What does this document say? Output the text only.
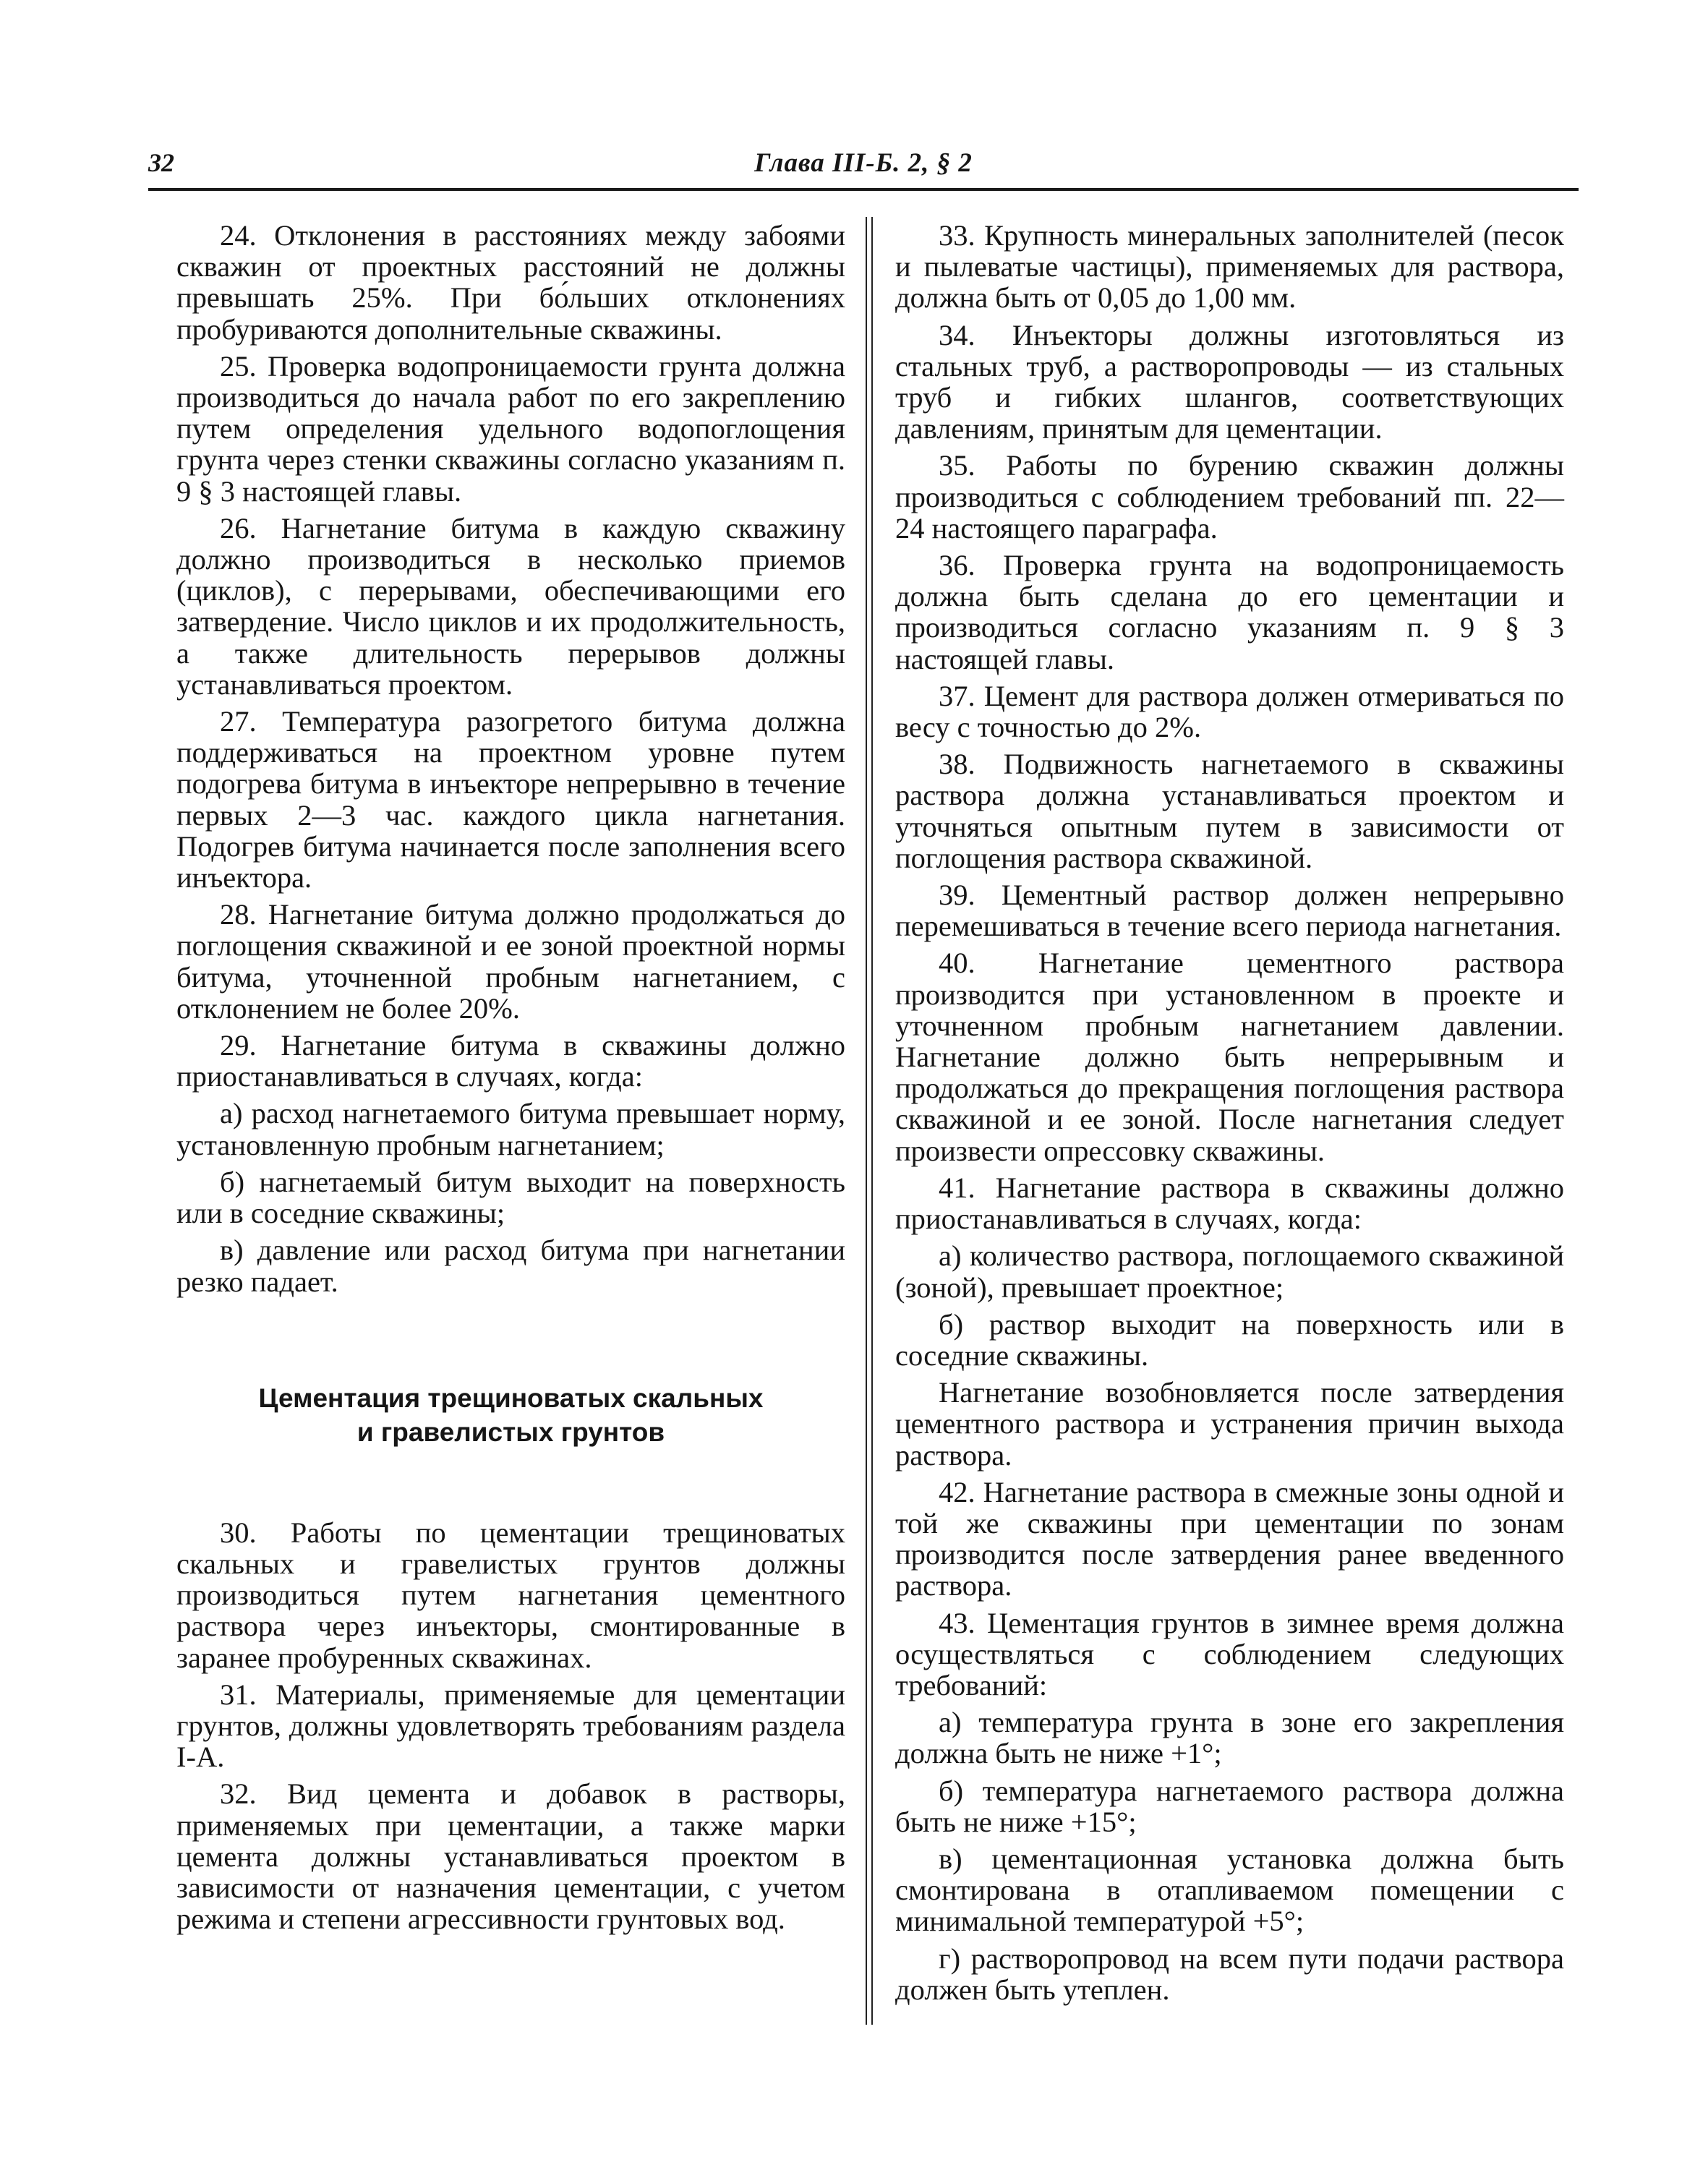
32	Глава III-Б. 2, § 2

24. Отклонения в расстояниях между забоями скважин от проектных расстояний не должны превышать 25%. При бо́льших отклонениях пробуриваются дополнительные скважины.

25. Проверка водопроницаемости грунта должна производиться до начала работ по его закреплению путем определения удельного водопоглощения грунта через стенки скважины согласно указаниям п. 9 § 3 настоящей главы.

26. Нагнетание битума в каждую скважину должно производиться в несколько приемов (циклов), с перерывами, обеспечивающими его затвердение. Число циклов и их продолжительность, а также длительность перерывов должны устанавливаться проектом.

27. Температура разогретого битума должна поддерживаться на проектном уровне путем подогрева битума в инъекторе непрерывно в течение первых 2—3 час. каждого цикла нагнетания. Подогрев битума начинается после заполнения всего инъектора.

28. Нагнетание битума должно продолжаться до поглощения скважиной и ее зоной проектной нормы битума, уточненной пробным нагнетанием, с отклонением не более 20%.

29. Нагнетание битума в скважины должно приостанавливаться в случаях, когда:

а) расход нагнетаемого битума превышает норму, установленную пробным нагнетанием;

б) нагнетаемый битум выходит на поверхность или в соседние скважины;

в) давление или расход битума при нагнетании резко падает.

Цементация трещиноватых скальных
и гравелистых грунтов

30. Работы по цементации трещиноватых скальных и гравелистых грунтов должны производиться путем нагнетания цементного раствора через инъекторы, смонтированные в заранее пробуренных скважинах.

31. Материалы, применяемые для цементации грунтов, должны удовлетворять требованиям раздела I-А.

32. Вид цемента и добавок в растворы, применяемых при цементации, а также марки цемента должны устанавливаться проектом в зависимости от назначения цементации, с учетом режима и степени агрессивности грунтовых вод.

33. Крупность минеральных заполнителей (песок и пылеватые частицы), применяемых для раствора, должна быть от 0,05 до 1,00 мм.

34. Инъекторы должны изготовляться из стальных труб, а растворопроводы — из стальных труб и гибких шлангов, соответствующих давлениям, принятым для цементации.

35. Работы по бурению скважин должны производиться с соблюдением требований пп. 22—24 настоящего параграфа.

36. Проверка грунта на водопроницаемость должна быть сделана до его цементации и производиться согласно указаниям п. 9 § 3 настоящей главы.

37. Цемент для раствора должен отмериваться по весу с точностью до 2%.

38. Подвижность нагнетаемого в скважины раствора должна устанавливаться проектом и уточняться опытным путем в зависимости от поглощения раствора скважиной.

39. Цементный раствор должен непрерывно перемешиваться в течение всего периода нагнетания.

40. Нагнетание цементного раствора производится при установленном в проекте и уточненном пробным нагнетанием давлении. Нагнетание должно быть непрерывным и продолжаться до прекращения поглощения раствора скважиной и ее зоной. После нагнетания следует произвести опрессовку скважины.

41. Нагнетание раствора в скважины должно приостанавливаться в случаях, когда:

а) количество раствора, поглощаемого скважиной (зоной), превышает проектное;

б) раствор выходит на поверхность или в соседние скважины.

Нагнетание возобновляется после затвердения цементного раствора и устранения причин выхода раствора.

42. Нагнетание раствора в смежные зоны одной и той же скважины при цементации по зонам производится после затвердения ранее введенного раствора.

43. Цементация грунтов в зимнее время должна осуществляться с соблюдением следующих требований:

а) температура грунта в зоне его закрепления должна быть не ниже +1°;

б) температура нагнетаемого раствора должна быть не ниже +15°;

в) цементационная установка должна быть смонтирована в отапливаемом помещении с минимальной температурой +5°;

г) растворопровод на всем пути подачи раствора должен быть утеплен.
